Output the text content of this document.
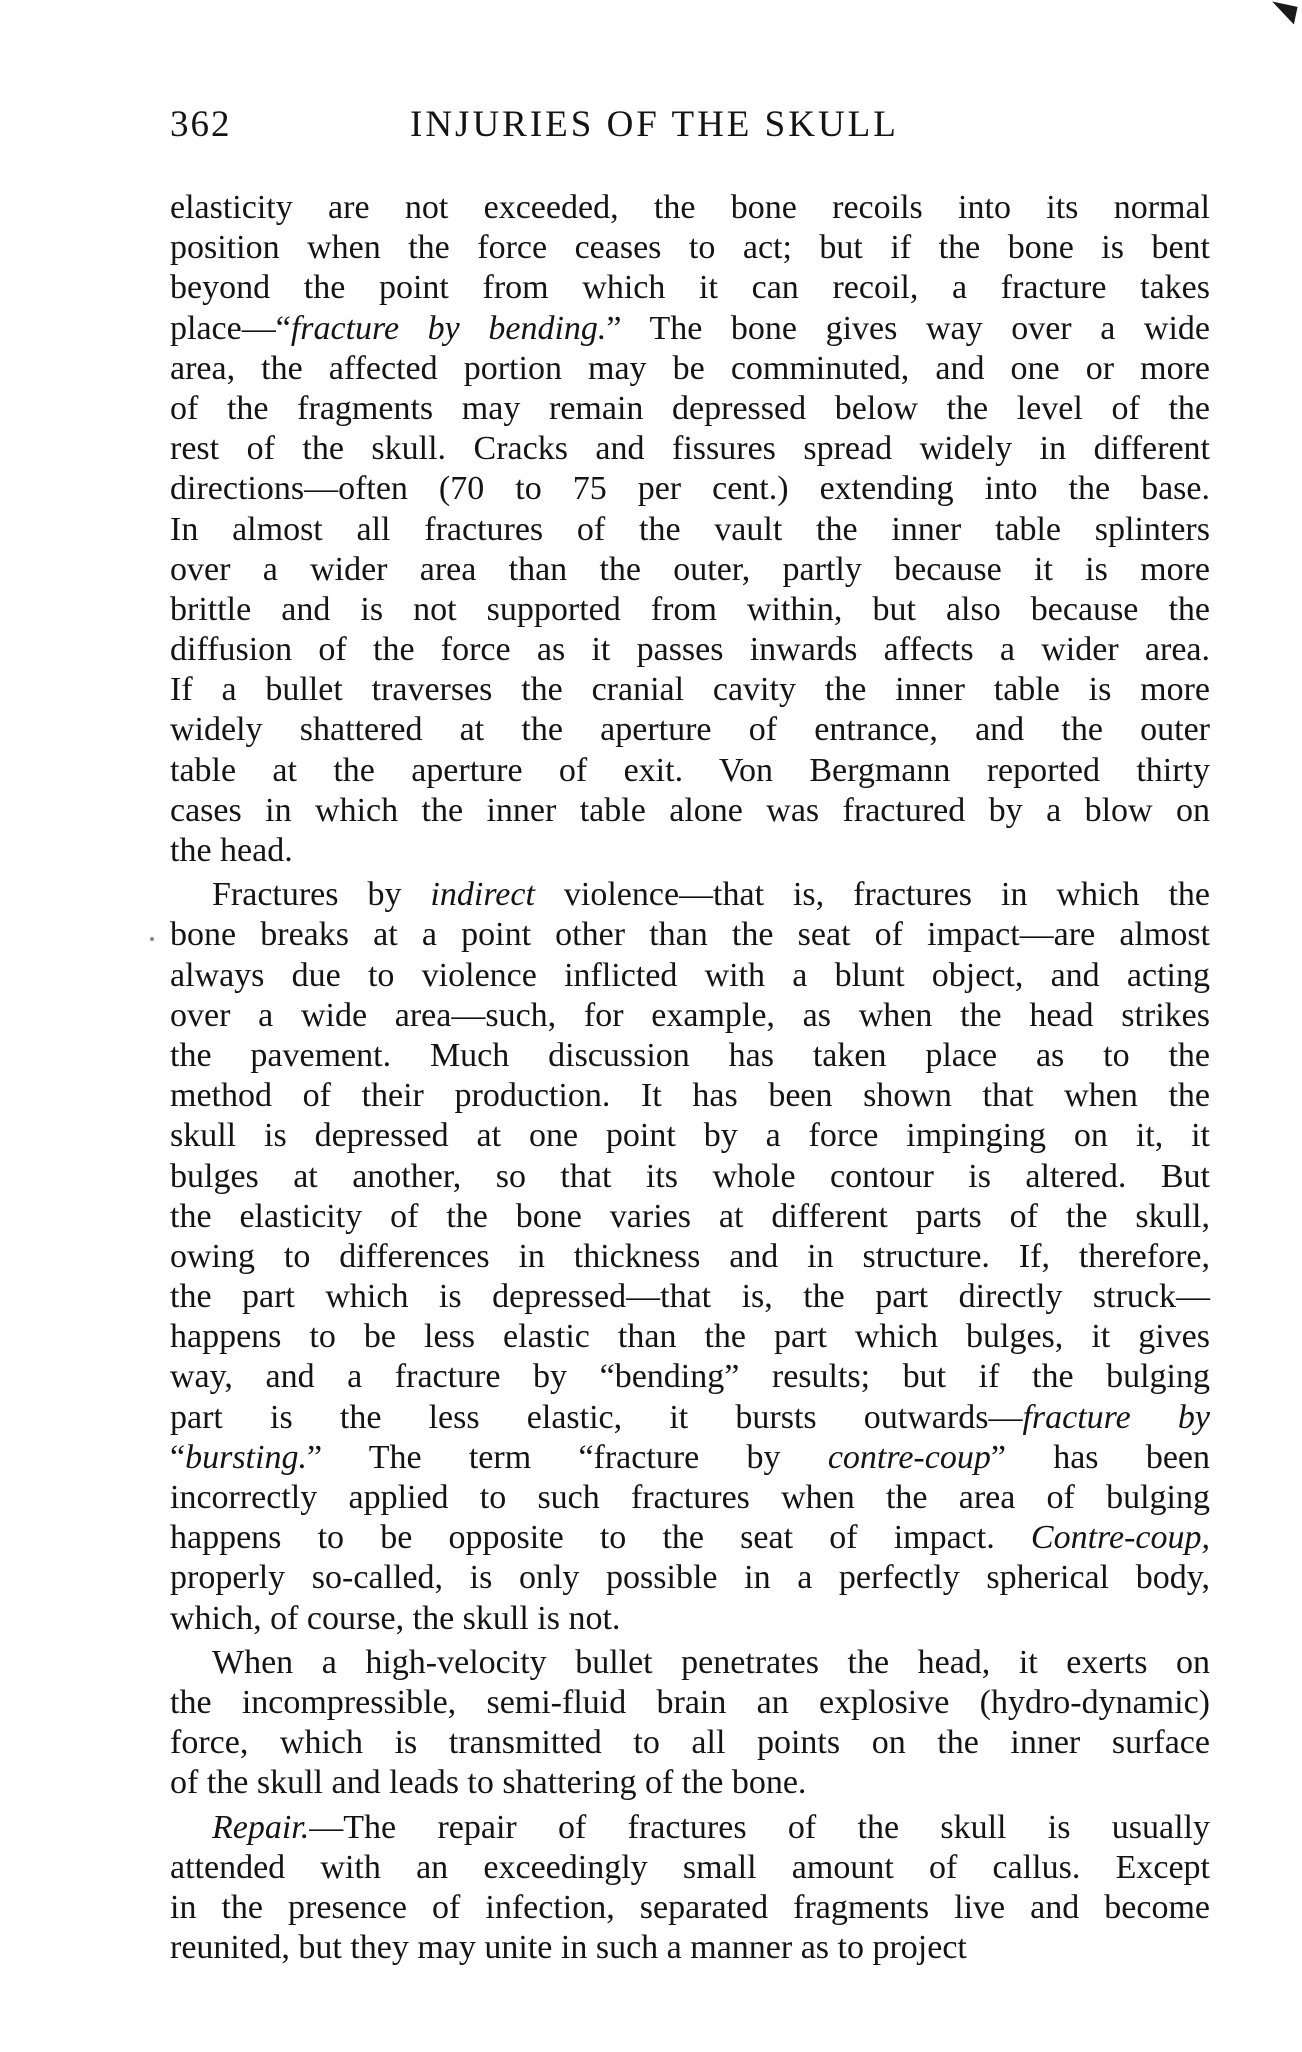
362	INJURIES OF THE SKULL
elasticity are not exceeded, the bone recoils into its normal
position when the force ceases to act; but if the bone is bent
beyond the point from which it can recoil, a fracture takes
place—“fracture by bending.” The bone gives way over a wide
area, the affected portion may be comminuted, and one or more
of the fragments may remain depressed below the level of the
rest of the skull. Cracks and fissures spread widely in different
directions—often (70 to 75 per cent.) extending into the base.
In almost all fractures of the vault the inner table splinters
over a wider area than the outer, partly because it is more
brittle and is not supported from within, but also because the
diffusion of the force as it passes inwards affects a wider area.
If a bullet traverses the cranial cavity the inner table is more
widely shattered at the aperture of entrance, and the outer
table at the aperture of exit. Von Bergmann reported thirty
cases in which the inner table alone was fractured by a blow on
the head.
Fractures by indirect violence—that is, fractures in which the
bone breaks at a point other than the seat of impact—are almost
always due to violence inflicted with a blunt object, and acting
over a wide area—such, for example, as when the head strikes
the pavement. Much discussion has taken place as to the
method of their production. It has been shown that when the
skull is depressed at one point by a force impinging on it, it
bulges at another, so that its whole contour is altered. But
the elasticity of the bone varies at different parts of the skull,
owing to differences in thickness and in structure. If, therefore,
the part which is depressed—that is, the part directly struck—
happens to be less elastic than the part which bulges, it gives
way, and a fracture by “bending” results; but if the bulging
part is the less elastic, it bursts outwards—fracture by
“bursting.” The term “fracture by contre-coup” has been
incorrectly applied to such fractures when the area of bulging
happens to be opposite to the seat of impact. Contre-coup,
properly so-called, is only possible in a perfectly spherical body,
which, of course, the skull is not.
When a high-velocity bullet penetrates the head, it exerts on
the incompressible, semi-fluid brain an explosive (hydro-dynamic)
force, which is transmitted to all points on the inner surface
of the skull and leads to shattering of the bone.
Repair.—The repair of fractures of the skull is usually
attended with an exceedingly small amount of callus. Except
in the presence of infection, separated fragments live and become
reunited, but they may unite in such a manner as to project
